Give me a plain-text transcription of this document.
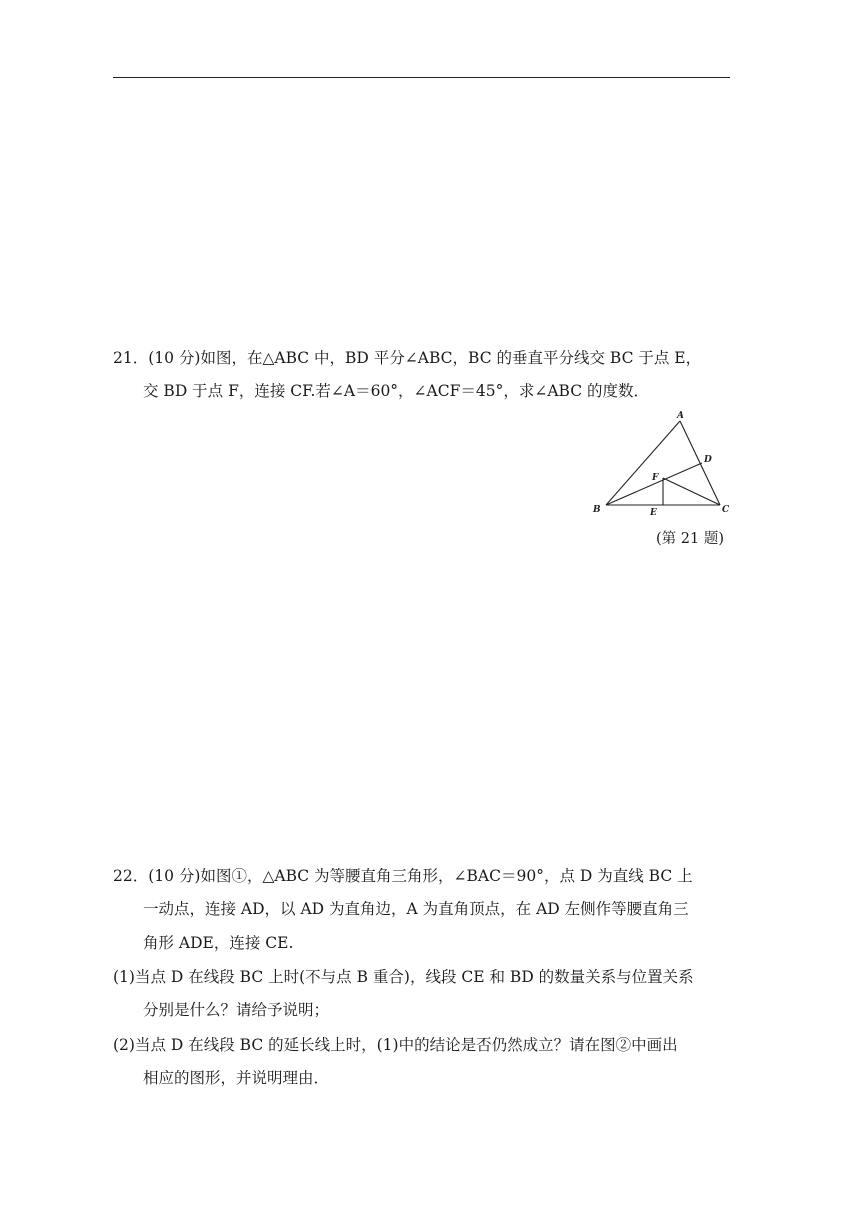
21．(10 分)如图，在△ABC 中，BD 平分∠ABC，BC 的垂直平分线交 BC 于点 E，
交 BD 于点 F，连接 CF.若∠A＝60°，∠ACF＝45°，求∠ABC 的度数．
A
B	C
D
E
F
(第 21 题)
22．(10 分)如图①，△ABC 为等腰直角三角形，∠BAC＝90°，点 D 为直线 BC 上
一动点，连接 AD，以 AD 为直角边，A 为直角顶点，在 AD 左侧作等腰直角三
角形 ADE，连接 CE.
(1)当点 D 在线段 BC 上时(不与点 B 重合)，线段 CE 和 BD 的数量关系与位置关系
分别是什么？请给予说明；
(2)当点 D 在线段 BC 的延长线上时，(1)中的结论是否仍然成立？请在图②中画出
相应的图形，并说明理由．
